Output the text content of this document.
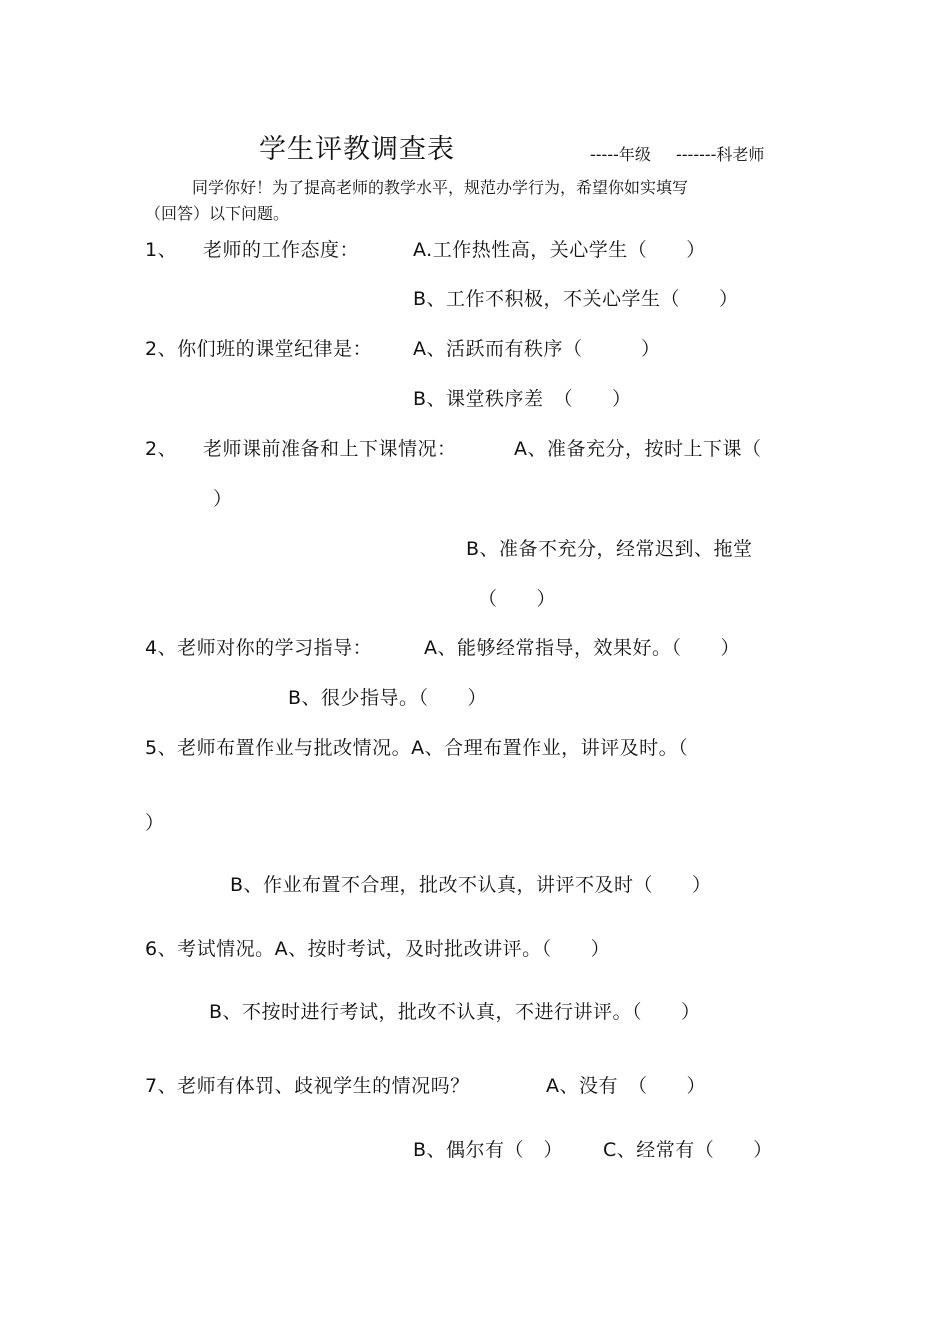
学生评教调查表	-----年级 -------科老师
同学你好！为了提高老师的教学水平，规范办学行为，希望你如实填写
（回答）以下问题。
1、 老师的工作态度：	A.工作热性高，关心学生（　　）
B、工作不积极，不关心学生（　　）
2、你们班的课堂纪律是： A、活跃而有秩序（　　　）
B、课堂秩序差　（　　）
2、 老师课前准备和上下课情况：	A、准备充分，按时上下课（
）
B、准备不充分，经常迟到、拖堂
（　　）
4、老师对你的学习指导：	A、能够经常指导，效果好。（　　）
B、很少指导。（　　）
5、老师布置作业与批改情况。A、合理布置作业，讲评及时。（
）
B、作业布置不合理，批改不认真，讲评不及时（　　）
6、考试情况。A、按时考试，及时批改讲评。（　　）
B、不按时进行考试，批改不认真，不进行讲评。（　　）
7、老师有体罚、歧视学生的情况吗？	A、没有　（　　）
B、偶尔有（　） C、经常有（　　）
